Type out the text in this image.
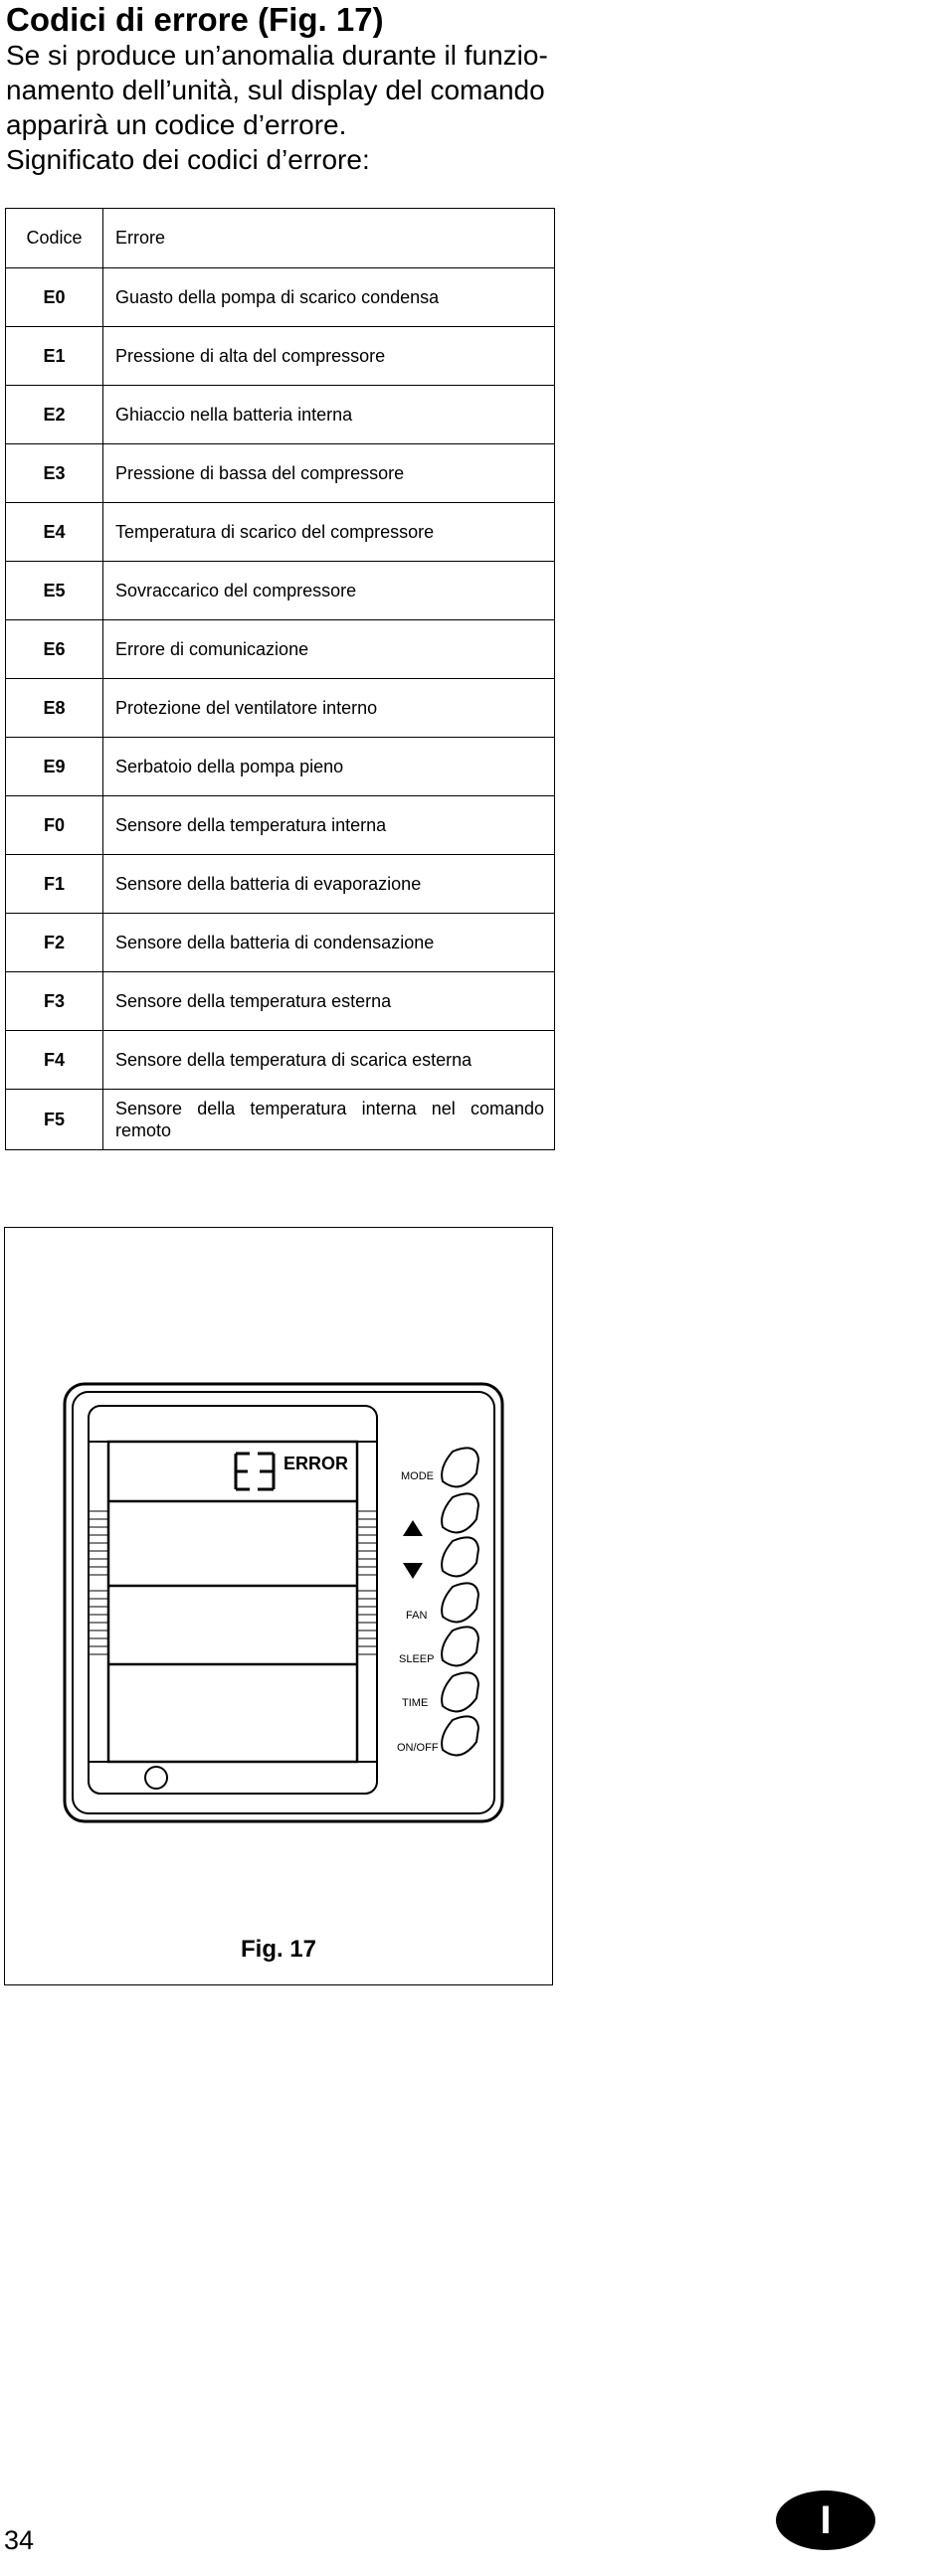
Codici di errore (Fig. 17)

Se si produce un’anomalia durante il funzio-

namento dell’unità, sul display del comando

apparirà un codice d’errore.

Significato dei codici d’errore:

Codice	Errore
E0	Guasto della pompa di scarico condensa
E1	Pressione di alta del compressore
E2	Ghiaccio nella batteria interna
E3	Pressione di bassa del compressore
E4	Temperatura di scarico del compressore
E5	Sovraccarico del compressore
E6	Errore di comunicazione
E8	Protezione del ventilatore interno
E9	Serbatoio della pompa pieno
F0	Sensore della temperatura interna
F1	Sensore della batteria di evaporazione
F2	Sensore della batteria di condensazione
F3	Sensore della temperatura esterna
F4	Sensore della temperatura di scarica esterna
F5	Sensore della temperatura interna nel comando remoto
ERROR
MODE
FAN
SLEEP
TIME
ON/OFF
Fig. 17
34	I
